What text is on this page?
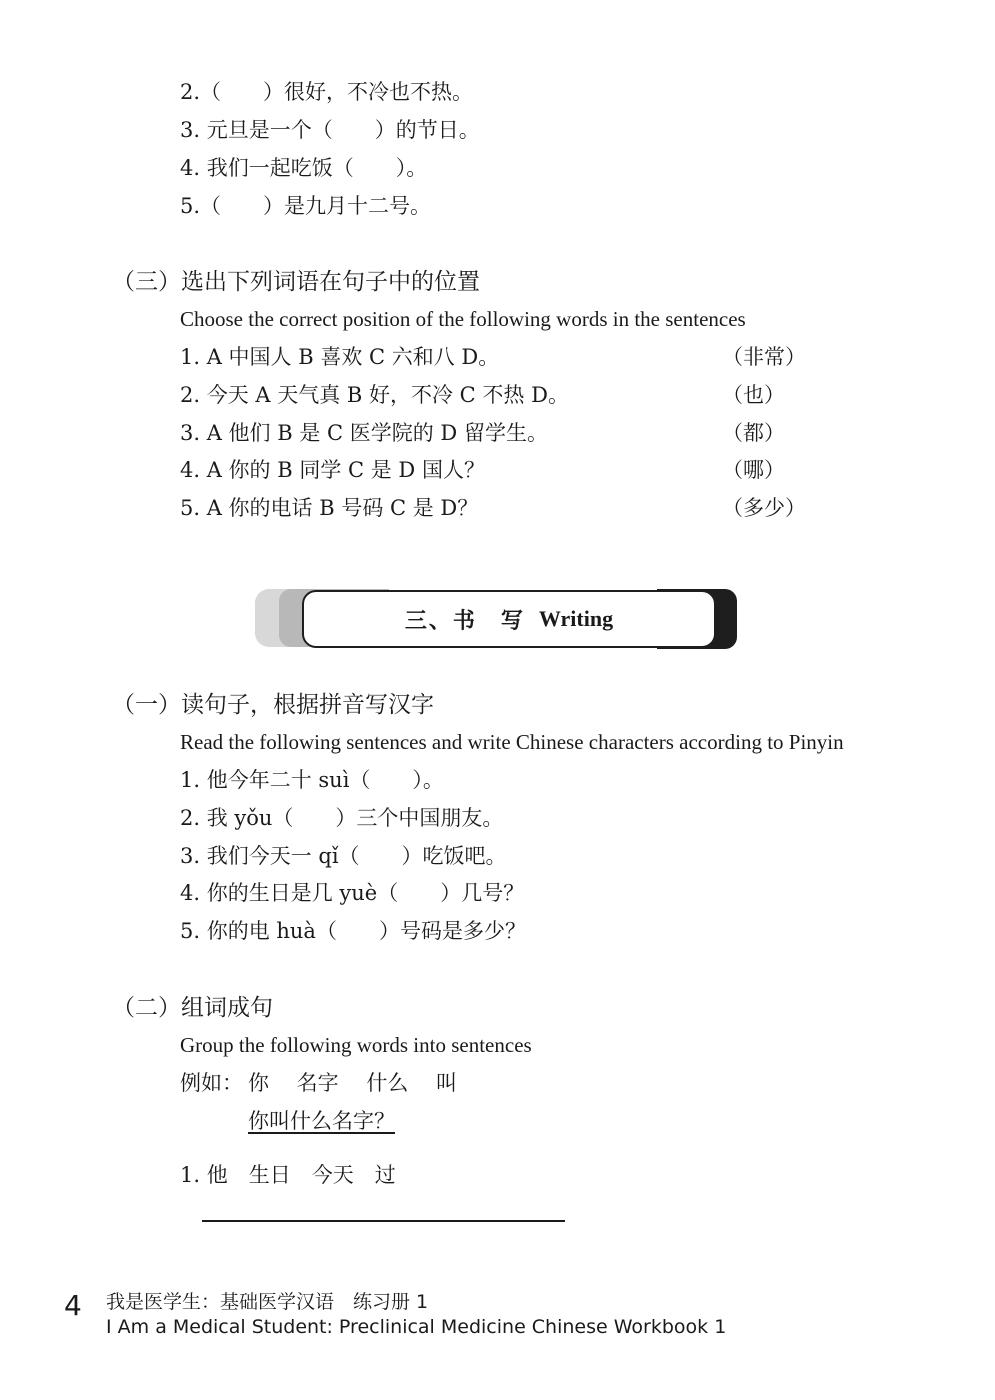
2.（　　）很好，不冷也不热。
3. 元旦是一个（　　）的节日。
4. 我们一起吃饭（　　）。
5.（　　）是九月十二号。
（三）选出下列词语在句子中的位置
Choose the correct position of the following words in the sentences
1. A 中国人 B 喜欢 C 六和八 D。	（非常）
2. 今天 A 天气真 B 好，不冷 C 不热 D。	（也）
3. A 他们 B 是 C 医学院的 D 留学生。	（都）
4. A 你的 B 同学 C 是 D 国人？	（哪）
5. A 你的电话 B 号码 C 是 D？	（多少）
三、书　写 Writing
（一）读句子，根据拼音写汉字
Read the following sentences and write Chinese characters according to Pinyin
1. 他今年二十 suì（　　）。
2. 我 yǒu（　　）三个中国朋友。
3. 我们今天一 qǐ（　　）吃饭吧。
4. 你的生日是几 yuè（　　）几号？
5. 你的电 huà（　　）号码是多少？
（二）组词成句
Group the following words into sentences
例如： 你　 名字　 什么　 叫
你叫什么名字？
1. 他　生日　今天　过
4 我是医学生：基础医学汉语　练习册 1
I Am a Medical Student: Preclinical Medicine Chinese Workbook 1
